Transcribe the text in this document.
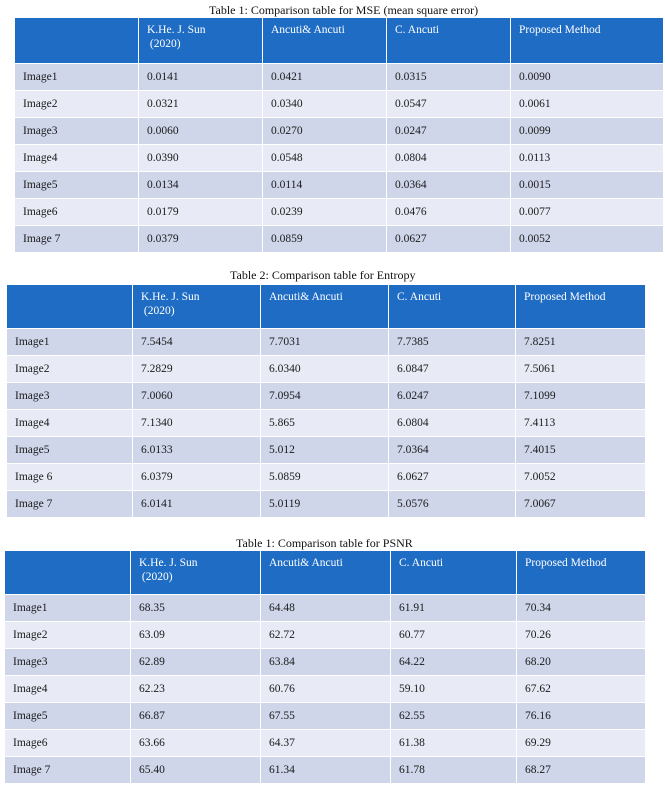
Table 1: Comparison table for MSE (mean square error)

	K.He. J. Sun
(2020)	Ancuti& Ancuti	C. Ancuti	Proposed Method

Image1	0.0141	0.0421	0.0315	0.0090

Image2	0.0321	0.0340	0.0547	0.0061

Image3	0.0060	0.0270	0.0247	0.0099

Image4	0.0390	0.0548	0.0804	0.0113

Image5	0.0134	0.0114	0.0364	0.0015

Image6	0.0179	0.0239	0.0476	0.0077

Image 7	0.0379	0.0859	0.0627	0.0052
Table 2: Comparison table for Entropy

	K.He. J. Sun
(2020)	Ancuti& Ancuti	C. Ancuti	Proposed Method

Image1	7.5454	7.7031	7.7385	7.8251

Image2	7.2829	6.0340	6.0847	7.5061

Image3	7.0060	7.0954	6.0247	7.1099

Image4	7.1340	5.865	6.0804	7.4113

Image5	6.0133	5.012	7.0364	7.4015

Image 6	6.0379	5.0859	6.0627	7.0052

Image 7	6.0141	5.0119	5.0576	7.0067
Table 1: Comparison table for PSNR

	K.He. J. Sun
(2020)	Ancuti& Ancuti	C. Ancuti	Proposed Method

Image1	68.35	64.48	61.91	70.34

Image2	63.09	62.72	60.77	70.26

Image3	62.89	63.84	64.22	68.20

Image4	62.23	60.76	59.10	67.62

Image5	66.87	67.55	62.55	76.16

Image6	63.66	64.37	61.38	69.29

Image 7	65.40	61.34	61.78	68.27
